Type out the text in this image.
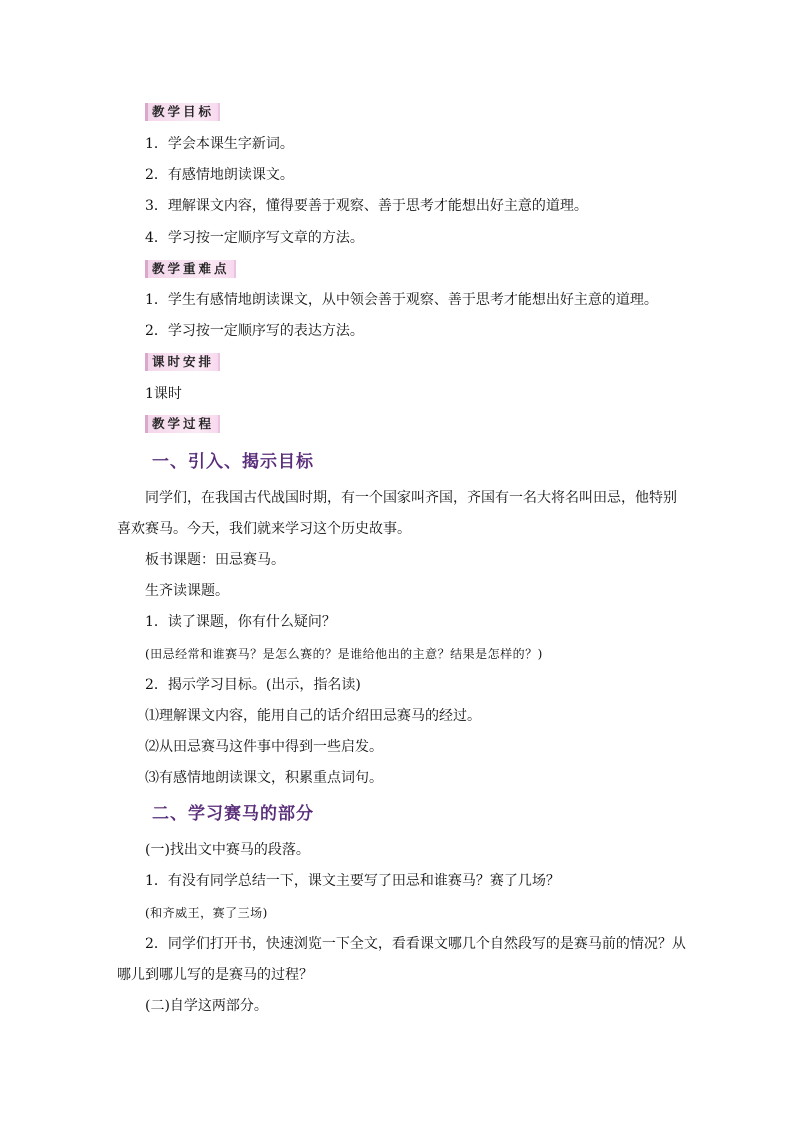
教学目标
1．学会本课生字新词。
2．有感情地朗读课文。
3．理解课文内容，懂得要善于观察、善于思考才能想出好主意的道理。
4．学习按一定顺序写文章的方法。
教学重难点
1．学生有感情地朗读课文，从中领会善于观察、善于思考才能想出好主意的道理。
2．学习按一定顺序写的表达方法。
课时安排
1课时
教学过程
一、引入、揭示目标
同学们，在我国古代战国时期，有一个国家叫齐国，齐国有一名大将名叫田忌，他特别
喜欢赛马。今天，我们就来学习这个历史故事。
板书课题：田忌赛马。
生齐读课题。
1．读了课题，你有什么疑问？
(田忌经常和谁赛马？是怎么赛的？是谁给他出的主意？结果是怎样的？)
2．揭示学习目标。(出示，指名读)
⑴理解课文内容，能用自己的话介绍田忌赛马的经过。
⑵从田忌赛马这件事中得到一些启发。
⑶有感情地朗读课文，积累重点词句。
二、学习赛马的部分
(一)找出文中赛马的段落。
1．有没有同学总结一下，课文主要写了田忌和谁赛马？赛了几场？
(和齐威王，赛了三场)
2．同学们打开书，快速浏览一下全文，看看课文哪几个自然段写的是赛马前的情况？从
哪儿到哪儿写的是赛马的过程？
(二)自学这两部分。
